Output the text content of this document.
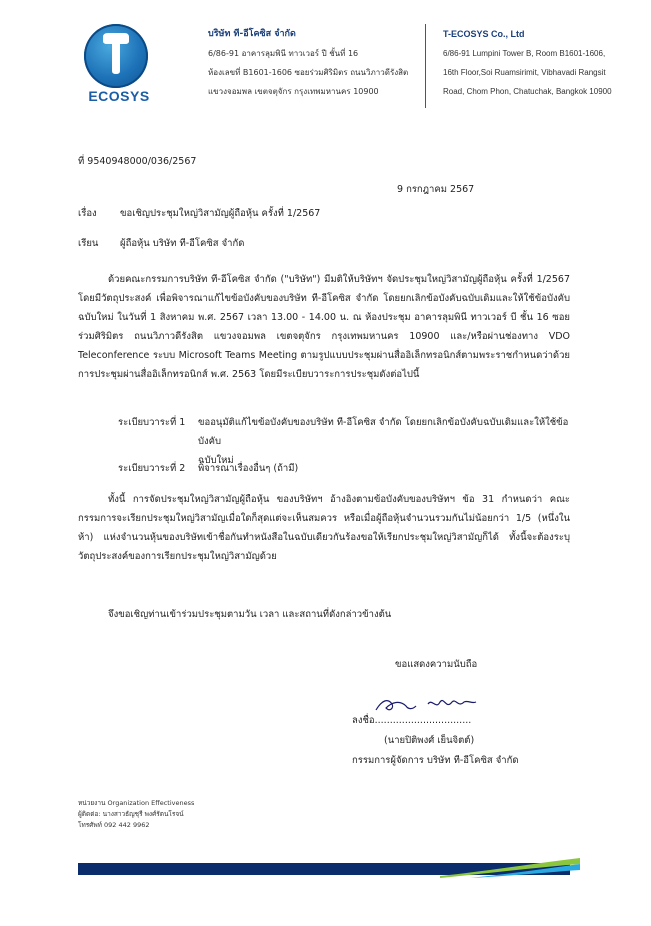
ECOSYS
บริษัท ที-อีโคซิส จำกัด
6/86-91 อาคารลุมพินี ทาวเวอร์ ปี ชั้นที่ 16
ห้องเลขที่ B1601-1606 ซอยร่วมศิริมิตร ถนนวิภาวดีรังสิต
แขวงจอมพล เขตจตุจักร กรุงเทพมหานคร 10900
T-ECOSYS Co., Ltd
6/86-91 Lumpini Tower B, Room B1601-1606,
16th Floor,Soi Ruamsirimit, Vibhavadi Rangsit
Road, Chom Phon, Chatuchak, Bangkok 10900
ที่ 9540948000/036/2567
9 กรกฎาคม 2567
เรื่อง ขอเชิญประชุมใหญ่วิสามัญผู้ถือหุ้น ครั้งที่ 1/2567
เรียน ผู้ถือหุ้น บริษัท ที-อีโคซิส จำกัด
ด้วยคณะกรรมการบริษัท ที-อีโคซิส จำกัด ("บริษัท") มีมติให้บริษัทฯ จัดประชุมใหญ่วิสามัญผู้ถือหุ้น ครั้งที่ 1/2567 โดยมีวัตถุประสงค์ เพื่อพิจารณาแก้ไขข้อบังคับของบริษัท ที-อีโคซิส จำกัด โดยยกเลิกข้อบังคับฉบับเดิมและให้ใช้ข้อบังคับฉบับใหม่ ในวันที่ 1 สิงหาคม พ.ศ. 2567 เวลา 13.00 - 14.00 น. ณ ห้องประชุม อาคารลุมพินี ทาวเวอร์ บี ชั้น 16 ซอยร่วมศิริมิตร ถนนวิภาวดีรังสิต แขวงจอมพล เขตจตุจักร กรุงเทพมหานคร 10900 และ/หรือผ่านช่องทาง VDO Teleconference ระบบ Microsoft Teams Meeting ตามรูปแบบประชุมผ่านสื่ออิเล็กทรอนิกส์ตามพระราชกำหนดว่าด้วยการประชุมผ่านสื่ออิเล็กทรอนิกส์ พ.ศ. 2563 โดยมีระเบียบวาระการประชุมดังต่อไปนี้
ระเบียบวาระที่ 1 ขออนุมัติแก้ไขข้อบังคับของบริษัท ที-อีโคซิส จำกัด โดยยกเลิกข้อบังคับฉบับเดิมและให้ใช้ข้อบังคับ
ฉบับใหม่
ระเบียบวาระที่ 2 พิจารณาเรื่องอื่นๆ (ถ้ามี)
ทั้งนี้ การจัดประชุมใหญ่วิสามัญผู้ถือหุ้น ของบริษัทฯ อ้างอิงตามข้อบังคับของบริษัทฯ ข้อ 31 กำหนดว่า คณะกรรมการจะเรียกประชุมใหญ่วิสามัญเมื่อใดก็สุดแต่จะเห็นสมควร หรือเมื่อผู้ถือหุ้นจำนวนรวมกันไม่น้อยกว่า 1/5 (หนึ่งในห้า) แห่งจำนวนหุ้นของบริษัทเข้าชื่อกันทำหนังสือในฉบับเดียวกันร้องขอให้เรียกประชุมใหญ่วิสามัญก็ได้ ทั้งนี้จะต้องระบุวัตถุประสงค์ของการเรียกประชุมใหญ่วิสามัญด้วย
จึงขอเชิญท่านเข้าร่วมประชุมตามวัน เวลา และสถานที่ดังกล่าวข้างต้น
ขอแสดงความนับถือ
ลงชื่อ................................
(นายปิติพงศ์ เย็นจิตต์)
กรรมการผู้จัดการ บริษัท ที-อีโคซิส จำกัด
หน่วยงาน Organization Effectiveness
ผู้ติดต่อ: นางสาวธัญชุรี พงศ์รัตนโรจน์
โทรศัพท์ 092 442 9962
